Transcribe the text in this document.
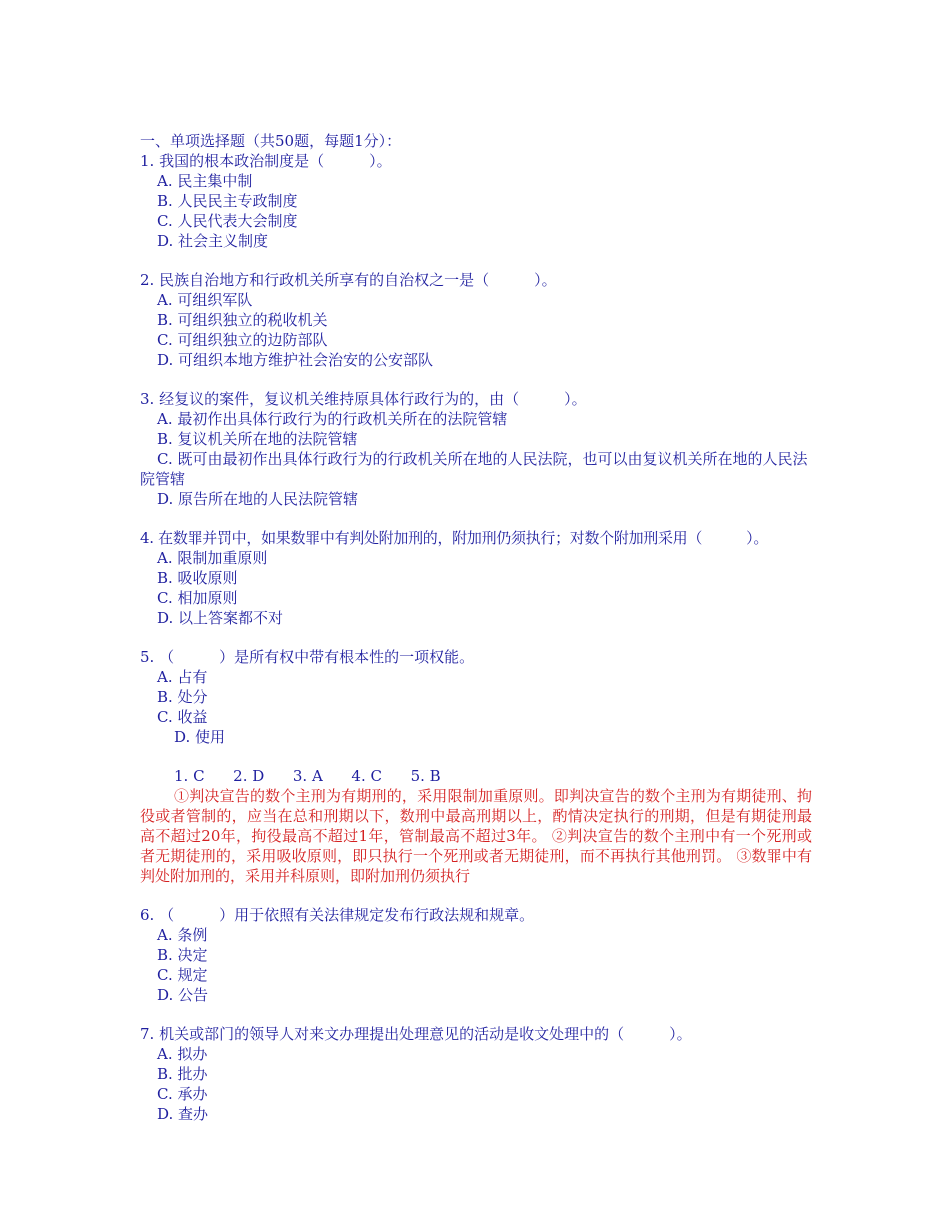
一、单项选择题（共50题，每题1分）：
1. 我国的根本政治制度是（　　　）。
A. 民主集中制
B. 人民民主专政制度
C. 人民代表大会制度
D. 社会主义制度
2. 民族自治地方和行政机关所享有的自治权之一是（　　　）。
A. 可组织军队
B. 可组织独立的税收机关
C. 可组织独立的边防部队
D. 可组织本地方维护社会治安的公安部队
3. 经复议的案件，复议机关维持原具体行政行为的，由（　　　）。
A. 最初作出具体行政行为的行政机关所在的法院管辖
B. 复议机关所在地的法院管辖
C. 既可由最初作出具体行政行为的行政机关所在地的人民法院，也可以由复议机关所在地的人民法院管辖
D. 原告所在地的人民法院管辖
4. 在数罪并罚中，如果数罪中有判处附加刑的，附加刑仍须执行；对数个附加刑采用（　　　）。
A. 限制加重原则
B. 吸收原则
C. 相加原则
D. 以上答案都不对
5. （　　　）是所有权中带有根本性的一项权能。
A. 占有
B. 处分
C. 收益
D. 使用
1. C      2. D      3. A      4. C      5. B
①判决宣告的数个主刑为有期刑的，采用限制加重原则。即判决宣告的数个主刑为有期徒刑、拘役或者管制的，应当在总和刑期以下，数刑中最高刑期以上，酌情决定执行的刑期，但是有期徒刑最高不超过20年，拘役最高不超过1年，管制最高不超过3年。 ②判决宣告的数个主刑中有一个死刑或者无期徒刑的，采用吸收原则，即只执行一个死刑或者无期徒刑，而不再执行其他刑罚。 ③数罪中有判处附加刑的，采用并科原则，即附加刑仍须执行
6. （　　　）用于依照有关法律规定发布行政法规和规章。
A. 条例
B. 决定
C. 规定
D. 公告
7. 机关或部门的领导人对来文办理提出处理意见的活动是收文处理中的（　　　）。
A. 拟办
B. 批办
C. 承办
D. 查办
